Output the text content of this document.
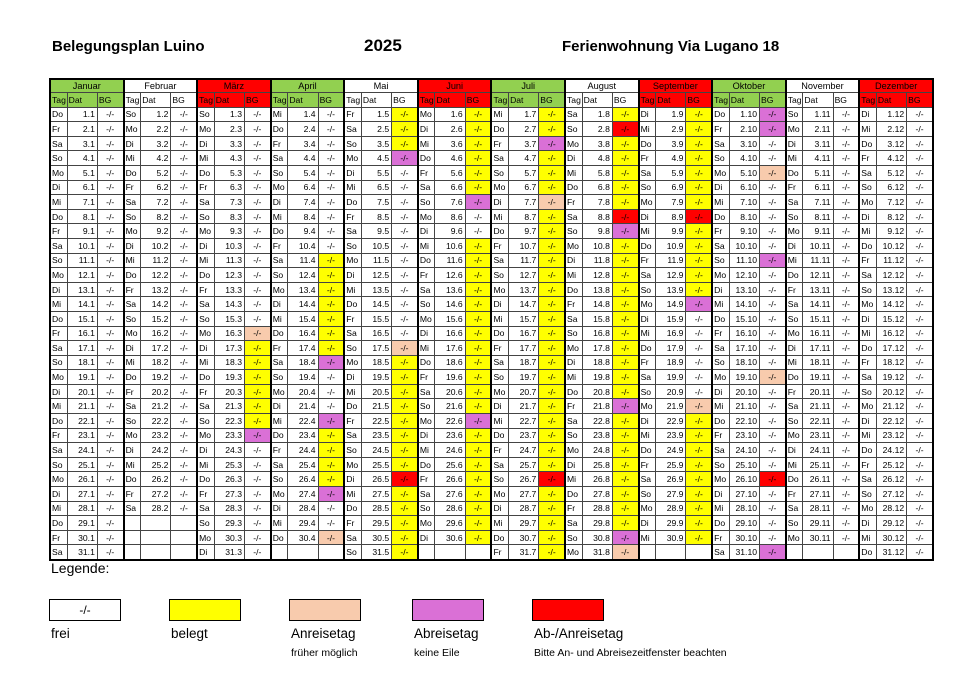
Belegungsplan Luino	2025	Ferienwohnung Via Lugano 18
Januar			Februar			März			April			Mai			Juni			Juli			August			September			Oktober			November			Dezember		
Tag	Dat	BG	Tag	Dat	BG	Tag	Dat	BG	Tag	Dat	BG	Tag	Dat	BG	Tag	Dat	BG	Tag	Dat	BG	Tag	Dat	BG	Tag	Dat	BG	Tag	Dat	BG	Tag	Dat	BG	Tag	Dat	BG
Do	1.1	-/-	So	1.2	-/-	So	1.3	-/-	Mi	1.4	-/-	Fr	1.5	-/-	Mo	1.6	-/-	Mi	1.7	-/-	Sa	1.8	-/-	Di	1.9	-/-	Do	1.10	-/-	So	1.11	-/-	Di	1.12	-/-
Fr	2.1	-/-	Mo	2.2	-/-	Mo	2.3	-/-	Do	2.4	-/-	Sa	2.5	-/-	Di	2.6	-/-	Do	2.7	-/-	So	2.8	-/-	Mi	2.9	-/-	Fr	2.10	-/-	Mo	2.11	-/-	Mi	2.12	-/-
Sa	3.1	-/-	Di	3.2	-/-	Di	3.3	-/-	Fr	3.4	-/-	So	3.5	-/-	Mi	3.6	-/-	Fr	3.7	-/-	Mo	3.8	-/-	Do	3.9	-/-	Sa	3.10	-/-	Di	3.11	-/-	Do	3.12	-/-
So	4.1	-/-	Mi	4.2	-/-	Mi	4.3	-/-	Sa	4.4	-/-	Mo	4.5	-/-	Do	4.6	-/-	Sa	4.7	-/-	Di	4.8	-/-	Fr	4.9	-/-	So	4.10	-/-	Mi	4.11	-/-	Fr	4.12	-/-
Mo	5.1	-/-	Do	5.2	-/-	Do	5.3	-/-	So	5.4	-/-	Di	5.5	-/-	Fr	5.6	-/-	So	5.7	-/-	Mi	5.8	-/-	Sa	5.9	-/-	Mo	5.10	-/-	Do	5.11	-/-	Sa	5.12	-/-
Di	6.1	-/-	Fr	6.2	-/-	Fr	6.3	-/-	Mo	6.4	-/-	Mi	6.5	-/-	Sa	6.6	-/-	Mo	6.7	-/-	Do	6.8	-/-	So	6.9	-/-	Di	6.10	-/-	Fr	6.11	-/-	So	6.12	-/-
Mi	7.1	-/-	Sa	7.2	-/-	Sa	7.3	-/-	Di	7.4	-/-	Do	7.5	-/-	So	7.6	-/-	Di	7.7	-/-	Fr	7.8	-/-	Mo	7.9	-/-	Mi	7.10	-/-	Sa	7.11	-/-	Mo	7.12	-/-
Do	8.1	-/-	So	8.2	-/-	So	8.3	-/-	Mi	8.4	-/-	Fr	8.5	-/-	Mo	8.6	-/-	Mi	8.7	-/-	Sa	8.8	-/-	Di	8.9	-/-	Do	8.10	-/-	So	8.11	-/-	Di	8.12	-/-
Fr	9.1	-/-	Mo	9.2	-/-	Mo	9.3	-/-	Do	9.4	-/-	Sa	9.5	-/-	Di	9.6	-/-	Do	9.7	-/-	So	9.8	-/-	Mi	9.9	-/-	Fr	9.10	-/-	Mo	9.11	-/-	Mi	9.12	-/-
Sa	10.1	-/-	Di	10.2	-/-	Di	10.3	-/-	Fr	10.4	-/-	So	10.5	-/-	Mi	10.6	-/-	Fr	10.7	-/-	Mo	10.8	-/-	Do	10.9	-/-	Sa	10.10	-/-	Di	10.11	-/-	Do	10.12	-/-
So	11.1	-/-	Mi	11.2	-/-	Mi	11.3	-/-	Sa	11.4	-/-	Mo	11.5	-/-	Do	11.6	-/-	Sa	11.7	-/-	Di	11.8	-/-	Fr	11.9	-/-	So	11.10	-/-	Mi	11.11	-/-	Fr	11.12	-/-
Mo	12.1	-/-	Do	12.2	-/-	Do	12.3	-/-	So	12.4	-/-	Di	12.5	-/-	Fr	12.6	-/-	So	12.7	-/-	Mi	12.8	-/-	Sa	12.9	-/-	Mo	12.10	-/-	Do	12.11	-/-	Sa	12.12	-/-
Di	13.1	-/-	Fr	13.2	-/-	Fr	13.3	-/-	Mo	13.4	-/-	Mi	13.5	-/-	Sa	13.6	-/-	Mo	13.7	-/-	Do	13.8	-/-	So	13.9	-/-	Di	13.10	-/-	Fr	13.11	-/-	So	13.12	-/-
Mi	14.1	-/-	Sa	14.2	-/-	Sa	14.3	-/-	Di	14.4	-/-	Do	14.5	-/-	So	14.6	-/-	Di	14.7	-/-	Fr	14.8	-/-	Mo	14.9	-/-	Mi	14.10	-/-	Sa	14.11	-/-	Mo	14.12	-/-
Do	15.1	-/-	So	15.2	-/-	So	15.3	-/-	Mi	15.4	-/-	Fr	15.5	-/-	Mo	15.6	-/-	Mi	15.7	-/-	Sa	15.8	-/-	Di	15.9	-/-	Do	15.10	-/-	So	15.11	-/-	Di	15.12	-/-
Fr	16.1	-/-	Mo	16.2	-/-	Mo	16.3	-/-	Do	16.4	-/-	Sa	16.5	-/-	Di	16.6	-/-	Do	16.7	-/-	So	16.8	-/-	Mi	16.9	-/-	Fr	16.10	-/-	Mo	16.11	-/-	Mi	16.12	-/-
Sa	17.1	-/-	Di	17.2	-/-	Di	17.3	-/-	Fr	17.4	-/-	So	17.5	-/-	Mi	17.6	-/-	Fr	17.7	-/-	Mo	17.8	-/-	Do	17.9	-/-	Sa	17.10	-/-	Di	17.11	-/-	Do	17.12	-/-
So	18.1	-/-	Mi	18.2	-/-	Mi	18.3	-/-	Sa	18.4	-/-	Mo	18.5	-/-	Do	18.6	-/-	Sa	18.7	-/-	Di	18.8	-/-	Fr	18.9	-/-	So	18.10	-/-	Mi	18.11	-/-	Fr	18.12	-/-
Mo	19.1	-/-	Do	19.2	-/-	Do	19.3	-/-	So	19.4	-/-	Di	19.5	-/-	Fr	19.6	-/-	So	19.7	-/-	Mi	19.8	-/-	Sa	19.9	-/-	Mo	19.10	-/-	Do	19.11	-/-	Sa	19.12	-/-
Di	20.1	-/-	Fr	20.2	-/-	Fr	20.3	-/-	Mo	20.4	-/-	Mi	20.5	-/-	Sa	20.6	-/-	Mo	20.7	-/-	Do	20.8	-/-	So	20.9	-/-	Di	20.10	-/-	Fr	20.11	-/-	So	20.12	-/-
Mi	21.1	-/-	Sa	21.2	-/-	Sa	21.3	-/-	Di	21.4	-/-	Do	21.5	-/-	So	21.6	-/-	Di	21.7	-/-	Fr	21.8	-/-	Mo	21.9	-/-	Mi	21.10	-/-	Sa	21.11	-/-	Mo	21.12	-/-
Do	22.1	-/-	So	22.2	-/-	So	22.3	-/-	Mi	22.4	-/-	Fr	22.5	-/-	Mo	22.6	-/-	Mi	22.7	-/-	Sa	22.8	-/-	Di	22.9	-/-	Do	22.10	-/-	So	22.11	-/-	Di	22.12	-/-
Fr	23.1	-/-	Mo	23.2	-/-	Mo	23.3	-/-	Do	23.4	-/-	Sa	23.5	-/-	Di	23.6	-/-	Do	23.7	-/-	So	23.8	-/-	Mi	23.9	-/-	Fr	23.10	-/-	Mo	23.11	-/-	Mi	23.12	-/-
Sa	24.1	-/-	Di	24.2	-/-	Di	24.3	-/-	Fr	24.4	-/-	So	24.5	-/-	Mi	24.6	-/-	Fr	24.7	-/-	Mo	24.8	-/-	Do	24.9	-/-	Sa	24.10	-/-	Di	24.11	-/-	Do	24.12	-/-
So	25.1	-/-	Mi	25.2	-/-	Mi	25.3	-/-	Sa	25.4	-/-	Mo	25.5	-/-	Do	25.6	-/-	Sa	25.7	-/-	Di	25.8	-/-	Fr	25.9	-/-	So	25.10	-/-	Mi	25.11	-/-	Fr	25.12	-/-
Mo	26.1	-/-	Do	26.2	-/-	Do	26.3	-/-	So	26.4	-/-	Di	26.5	-/-	Fr	26.6	-/-	So	26.7	-/-	Mi	26.8	-/-	Sa	26.9	-/-	Mo	26.10	-/-	Do	26.11	-/-	Sa	26.12	-/-
Di	27.1	-/-	Fr	27.2	-/-	Fr	27.3	-/-	Mo	27.4	-/-	Mi	27.5	-/-	Sa	27.6	-/-	Mo	27.7	-/-	Do	27.8	-/-	So	27.9	-/-	Di	27.10	-/-	Fr	27.11	-/-	So	27.12	-/-
Mi	28.1	-/-	Sa	28.2	-/-	Sa	28.3	-/-	Di	28.4	-/-	Do	28.5	-/-	So	28.6	-/-	Di	28.7	-/-	Fr	28.8	-/-	Mo	28.9	-/-	Mi	28.10	-/-	Sa	28.11	-/-	Mo	28.12	-/-
Do	29.1	-/-				So	29.3	-/-	Mi	29.4	-/-	Fr	29.5	-/-	Mo	29.6	-/-	Mi	29.7	-/-	Sa	29.8	-/-	Di	29.9	-/-	Do	29.10	-/-	So	29.11	-/-	Di	29.12	-/-
Fr	30.1	-/-				Mo	30.3	-/-	Do	30.4	-/-	Sa	30.5	-/-	Di	30.6	-/-	Do	30.7	-/-	So	30.8	-/-	Mi	30.9	-/-	Fr	30.10	-/-	Mo	30.11	-/-	Mi	30.12	-/-
Sa	31.1	-/-				Di	31.3	-/-				So	31.5	-/-				Fr	31.7	-/-	Mo	31.8	-/-				Sa	31.10	-/-				Do	31.12	-/-
Legende:
-/-
frei	belegt	Anreisetag	Abreisetag	Ab-/Anreisetag
früher möglich	keine Eile	Bitte An- und Abreisezeitfenster beachten
